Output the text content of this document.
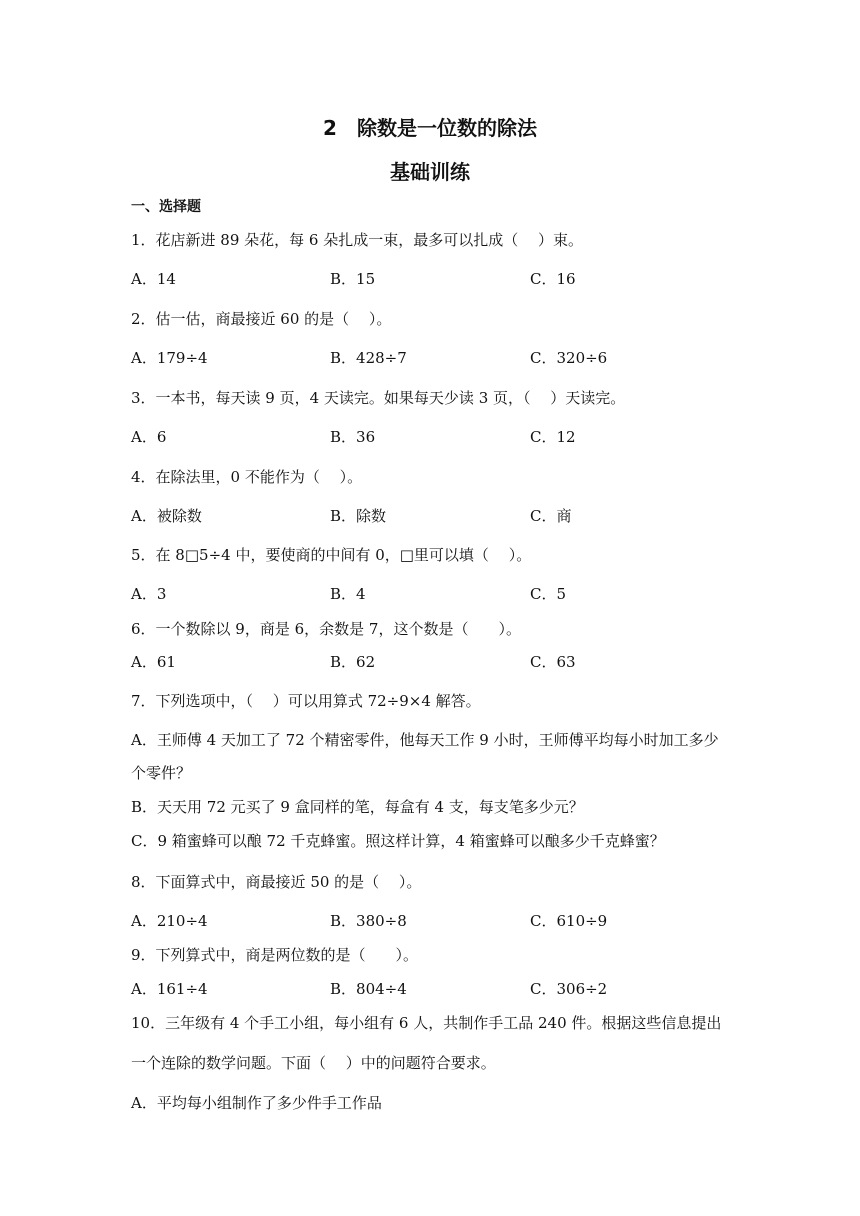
2　除数是一位数的除法
基础训练
一、选择题
1．花店新进 89 朵花，每 6 朵扎成一束，最多可以扎成（　 ）束。
A．14	B．15	C．16
2．估一估，商最接近 60 的是（　 ）。
A．179÷4	B．428÷7	C．320÷6
3．一本书，每天读 9 页，4 天读完。如果每天少读 3 页，（　 ）天读完。
A．6	B．36	C．12
4．在除法里，0 不能作为（　 ）。
A．被除数	B．除数	C．商
5．在 8□5÷4 中，要使商的中间有 0，□里可以填（　 ）。
A．3	B．4	C．5
6．一个数除以 9，商是 6，余数是 7，这个数是（　　）。
A．61	B．62	C．63
7．下列选项中，（　 ）可以用算式 72÷9×4 解答。
A．王师傅 4 天加工了 72 个精密零件，他每天工作 9 小时，王师傅平均每小时加工多少
个零件？
B．天天用 72 元买了 9 盒同样的笔，每盒有 4 支，每支笔多少元？
C．9 箱蜜蜂可以酿 72 千克蜂蜜。照这样计算，4 箱蜜蜂可以酿多少千克蜂蜜？
8．下面算式中，商最接近 50 的是（　 ）。
A．210÷4	B．380÷8	C．610÷9
9．下列算式中，商是两位数的是（　　）。
A．161÷4	B．804÷4	C．306÷2
10．三年级有 4 个手工小组，每小组有 6 人，共制作手工品 240 件。根据这些信息提出
一个连除的数学问题。下面（　 ）中的问题符合要求。
A．平均每小组制作了多少件手工作品
